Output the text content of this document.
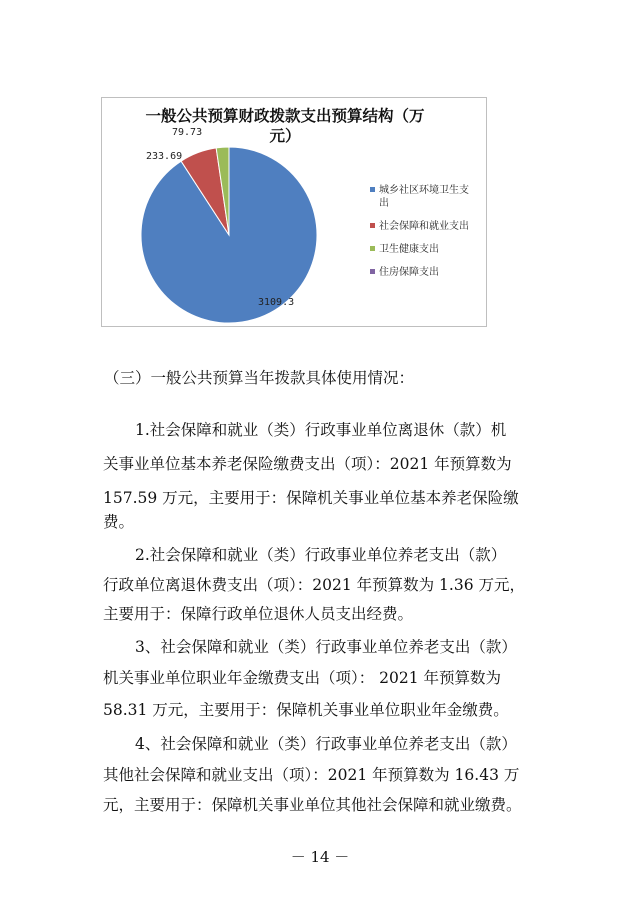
一般公共预算财政拨款支出预算结构（万
元）
79.73
233.69
3109.3
城乡社区环境卫生支
出
社会保障和就业支出
卫生健康支出
住房保障支出
（三）一般公共预算当年拨款具体使用情况：
1.社会保障和就业（类）行政事业单位离退休（款）机
关事业单位基本养老保险缴费支出（项）：2021 年预算数为
157.59 万元，主要用于：保障机关事业单位基本养老保险缴
费。
2.社会保障和就业（类）行政事业单位养老支出（款）
行政单位离退休费支出（项）：2021 年预算数为 1.36 万元，
主要用于：保障行政单位退休人员支出经费。
3、社会保障和就业（类）行政事业单位养老支出（款）
机关事业单位职业年金缴费支出（项）： 2021 年预算数为
58.31 万元，主要用于：保障机关事业单位职业年金缴费。
4、社会保障和就业（类）行政事业单位养老支出（款）
其他社会保障和就业支出（项）：2021 年预算数为 16.43 万
元，主要用于：保障机关事业单位其他社会保障和就业缴费。
－ 14 －
